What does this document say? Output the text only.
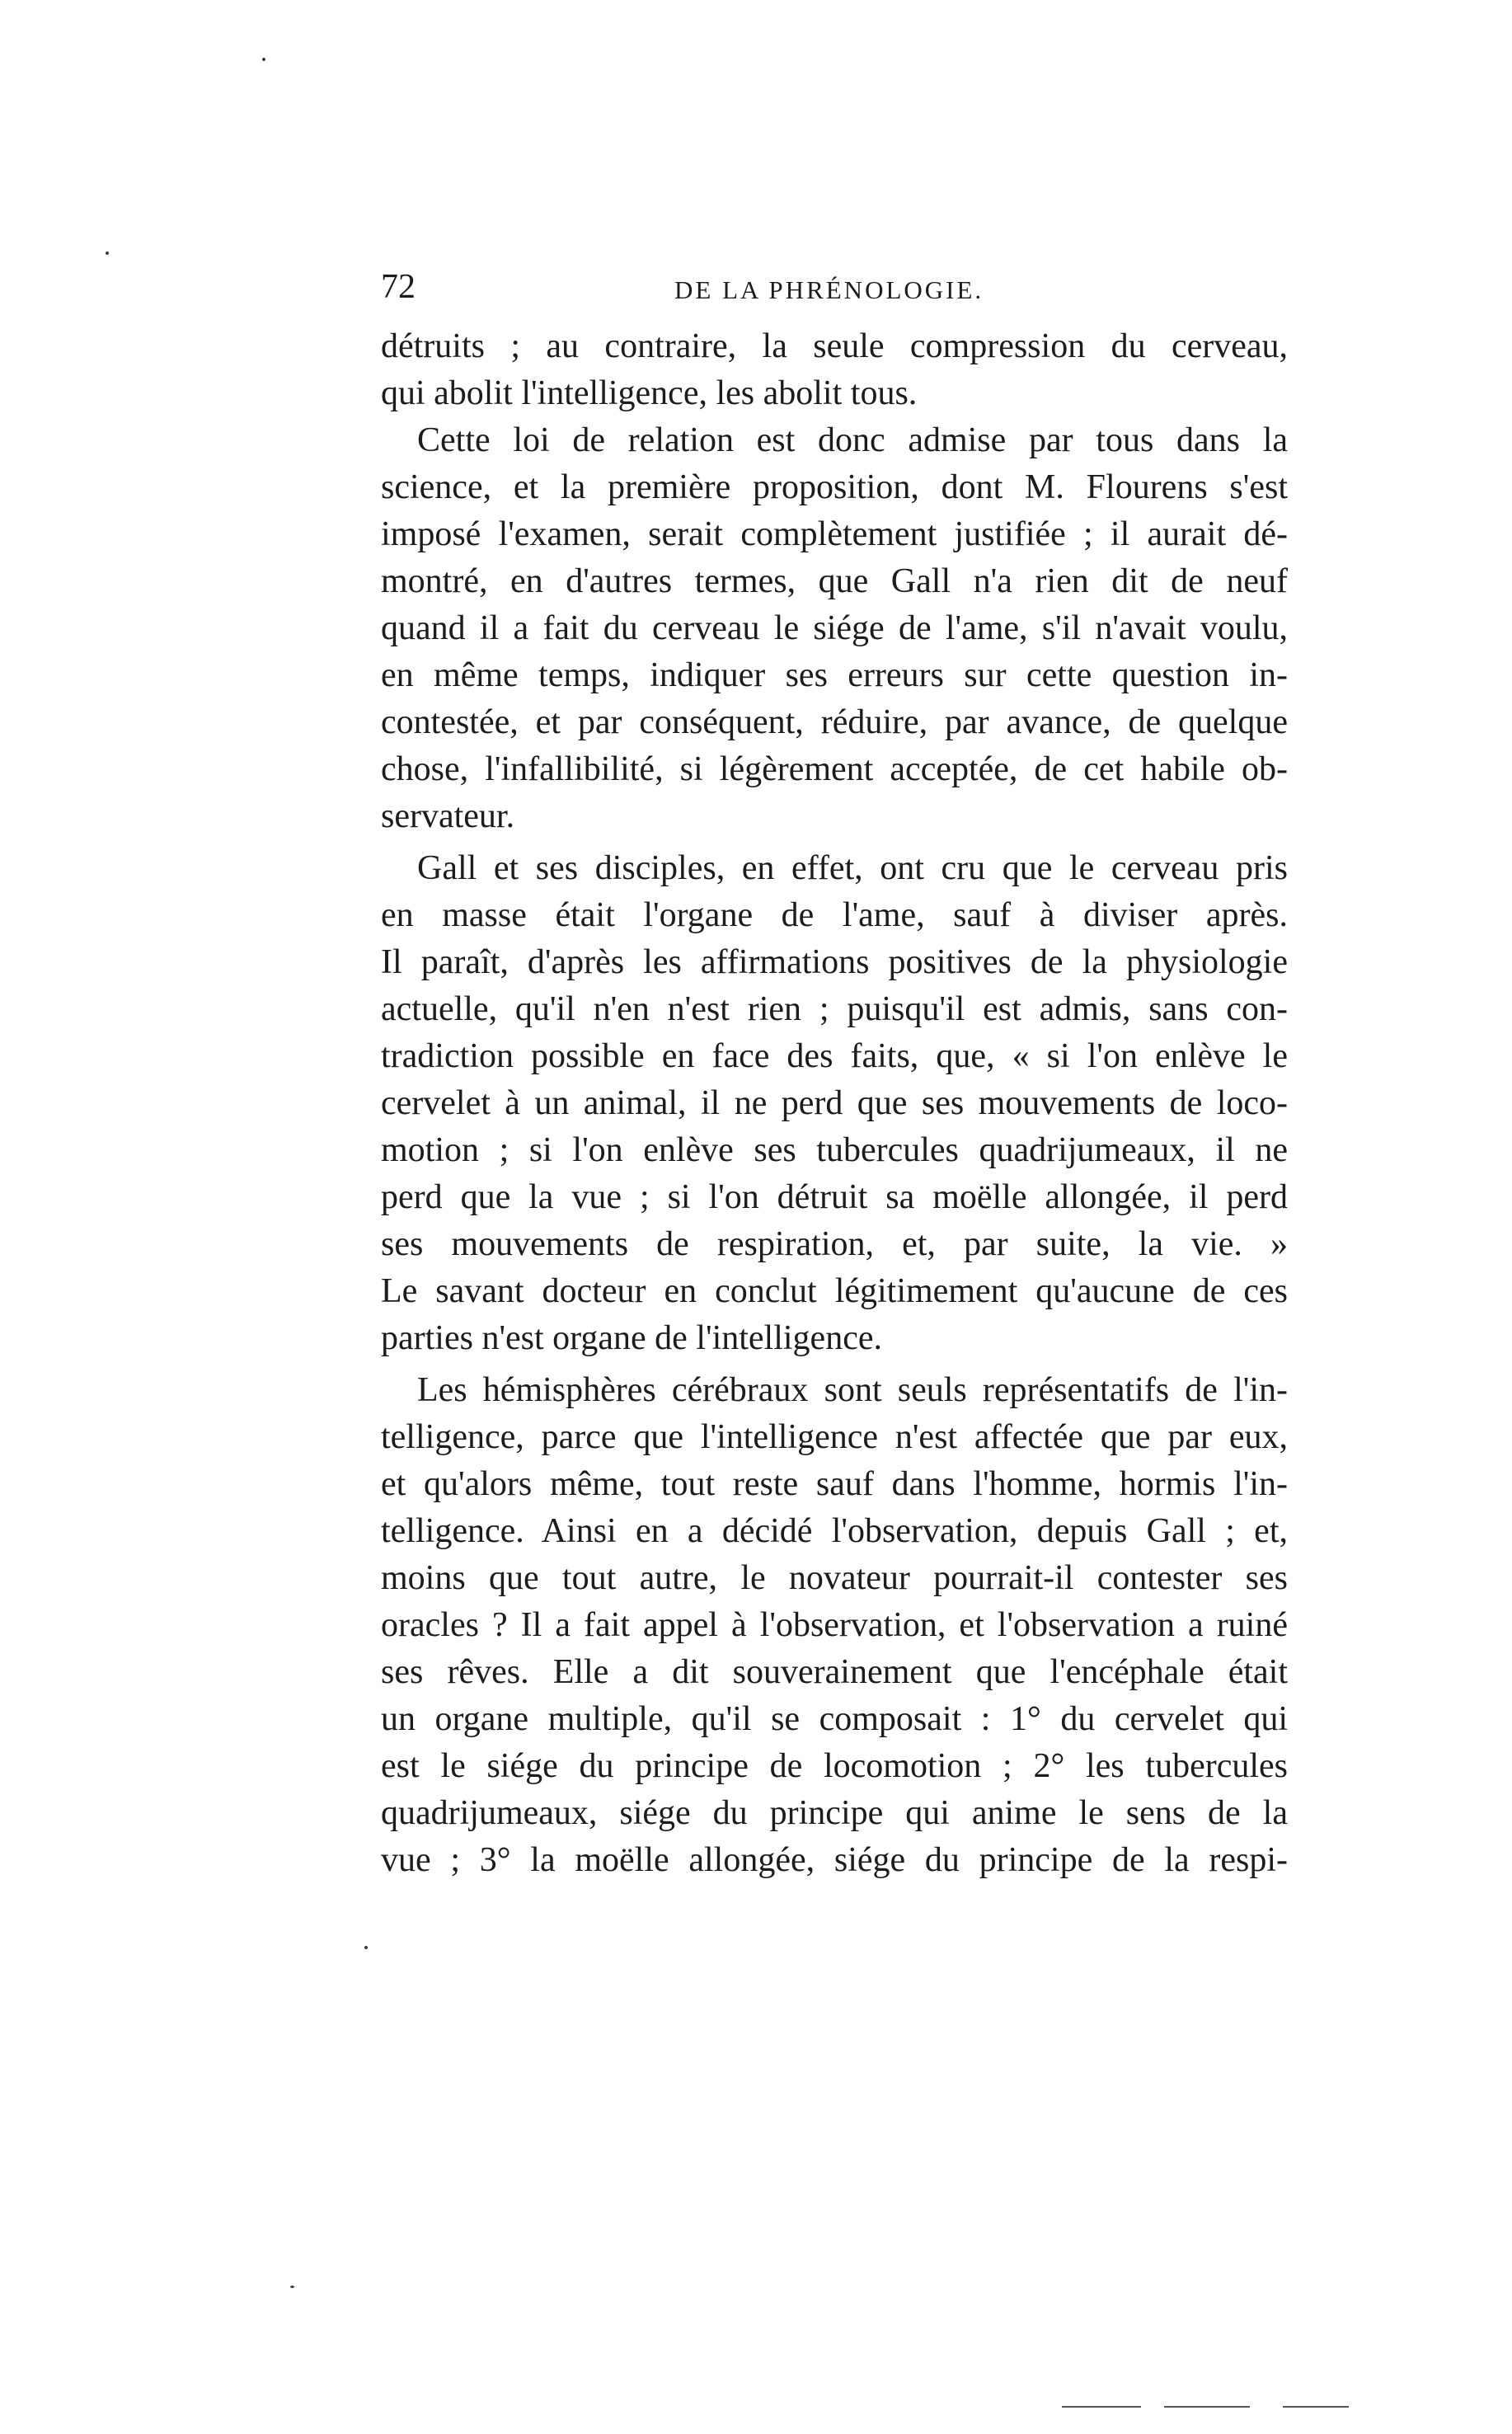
72	DE LA PHRÉNOLOGIE.
détruits ; au contraire, la seule compression du cerveau,
qui abolit l'intelligence, les abolit tous.
Cette loi de relation est donc admise par tous dans la
science, et la première proposition, dont M. Flourens s'est
imposé l'examen, serait complètement justifiée ; il aurait dé-
montré, en d'autres termes, que Gall n'a rien dit de neuf
quand il a fait du cerveau le siége de l'ame, s'il n'avait voulu,
en même temps, indiquer ses erreurs sur cette question in-
contestée, et par conséquent, réduire, par avance, de quelque
chose, l'infallibilité, si légèrement acceptée, de cet habile ob-
servateur.
Gall et ses disciples, en effet, ont cru que le cerveau pris
en masse était l'organe de l'ame, sauf à diviser après.
Il paraît, d'après les affirmations positives de la physiologie
actuelle, qu'il n'en n'est rien ; puisqu'il est admis, sans con-
tradiction possible en face des faits, que, « si l'on enlève le
cervelet à un animal, il ne perd que ses mouvements de loco-
motion ; si l'on enlève ses tubercules quadrijumeaux, il ne
perd que la vue ; si l'on détruit sa moëlle allongée, il perd
ses mouvements de respiration, et, par suite, la vie. »
Le savant docteur en conclut légitimement qu'aucune de ces
parties n'est organe de l'intelligence.
Les hémisphères cérébraux sont seuls représentatifs de l'in-
telligence, parce que l'intelligence n'est affectée que par eux,
et qu'alors même, tout reste sauf dans l'homme, hormis l'in-
telligence. Ainsi en a décidé l'observation, depuis Gall ; et,
moins que tout autre, le novateur pourrait-il contester ses
oracles ? Il a fait appel à l'observation, et l'observation a ruiné
ses rêves. Elle a dit souverainement que l'encéphale était
un organe multiple, qu'il se composait : 1° du cervelet qui
est le siége du principe de locomotion ; 2° les tubercules
quadrijumeaux, siége du principe qui anime le sens de la
vue ; 3° la moëlle allongée, siége du principe de la respi-
